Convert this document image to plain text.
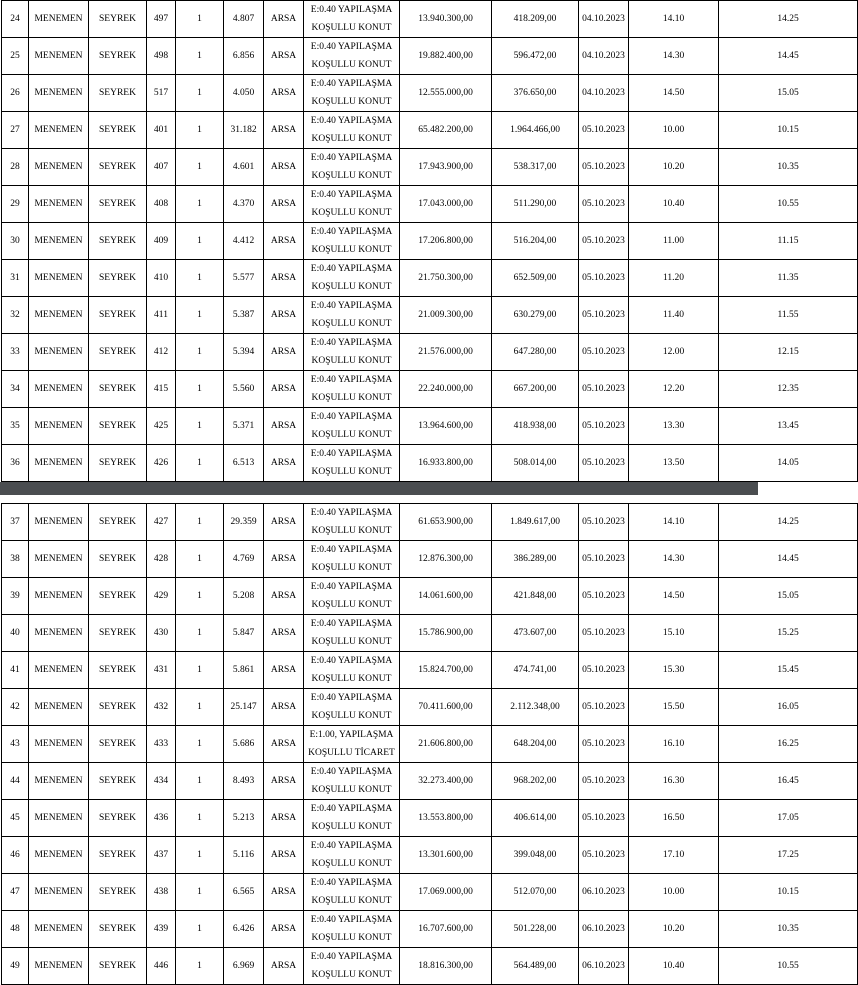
24	MENEMEN	SEYREK	497	1	4.807	ARSA	E:0.40 YAPILAŞMA KOŞULLU KONUT	13.940.300,00	418.209,00	04.10.2023	14.10	14.25
25	MENEMEN	SEYREK	498	1	6.856	ARSA	E:0.40 YAPILAŞMA KOŞULLU KONUT	19.882.400,00	596.472,00	04.10.2023	14.30	14.45
26	MENEMEN	SEYREK	517	1	4.050	ARSA	E:0.40 YAPILAŞMA KOŞULLU KONUT	12.555.000,00	376.650,00	04.10.2023	14.50	15.05
27	MENEMEN	SEYREK	401	1	31.182	ARSA	E:0.40 YAPILAŞMA KOŞULLU KONUT	65.482.200,00	1.964.466,00	05.10.2023	10.00	10.15
28	MENEMEN	SEYREK	407	1	4.601	ARSA	E:0.40 YAPILAŞMA KOŞULLU KONUT	17.943.900,00	538.317,00	05.10.2023	10.20	10.35
29	MENEMEN	SEYREK	408	1	4.370	ARSA	E:0.40 YAPILAŞMA KOŞULLU KONUT	17.043.000,00	511.290,00	05.10.2023	10.40	10.55
30	MENEMEN	SEYREK	409	1	4.412	ARSA	E:0.40 YAPILAŞMA KOŞULLU KONUT	17.206.800,00	516.204,00	05.10.2023	11.00	11.15
31	MENEMEN	SEYREK	410	1	5.577	ARSA	E:0.40 YAPILAŞMA KOŞULLU KONUT	21.750.300,00	652.509,00	05.10.2023	11.20	11.35
32	MENEMEN	SEYREK	411	1	5.387	ARSA	E:0.40 YAPILAŞMA KOŞULLU KONUT	21.009.300,00	630.279,00	05.10.2023	11.40	11.55
33	MENEMEN	SEYREK	412	1	5.394	ARSA	E:0.40 YAPILAŞMA KOŞULLU KONUT	21.576.000,00	647.280,00	05.10.2023	12.00	12.15
34	MENEMEN	SEYREK	415	1	5.560	ARSA	E:0.40 YAPILAŞMA KOŞULLU KONUT	22.240.000,00	667.200,00	05.10.2023	12.20	12.35
35	MENEMEN	SEYREK	425	1	5.371	ARSA	E:0.40 YAPILAŞMA KOŞULLU KONUT	13.964.600,00	418.938,00	05.10.2023	13.30	13.45
36	MENEMEN	SEYREK	426	1	6.513	ARSA	E:0.40 YAPILAŞMA KOŞULLU KONUT	16.933.800,00	508.014,00	05.10.2023	13.50	14.05
37	MENEMEN	SEYREK	427	1	29.359	ARSA	E:0.40 YAPILAŞMA KOŞULLU KONUT	61.653.900,00	1.849.617,00	05.10.2023	14.10	14.25
38	MENEMEN	SEYREK	428	1	4.769	ARSA	E:0.40 YAPILAŞMA KOŞULLU KONUT	12.876.300,00	386.289,00	05.10.2023	14.30	14.45
39	MENEMEN	SEYREK	429	1	5.208	ARSA	E:0.40 YAPILAŞMA KOŞULLU KONUT	14.061.600,00	421.848,00	05.10.2023	14.50	15.05
40	MENEMEN	SEYREK	430	1	5.847	ARSA	E:0.40 YAPILAŞMA KOŞULLU KONUT	15.786.900,00	473.607,00	05.10.2023	15.10	15.25
41	MENEMEN	SEYREK	431	1	5.861	ARSA	E:0.40 YAPILAŞMA KOŞULLU KONUT	15.824.700,00	474.741,00	05.10.2023	15.30	15.45
42	MENEMEN	SEYREK	432	1	25.147	ARSA	E:0.40 YAPILAŞMA KOŞULLU KONUT	70.411.600,00	2.112.348,00	05.10.2023	15.50	16.05
43	MENEMEN	SEYREK	433	1	5.686	ARSA	E:1.00, YAPILAŞMA KOŞULLU TİCARET	21.606.800,00	648.204,00	05.10.2023	16.10	16.25
44	MENEMEN	SEYREK	434	1	8.493	ARSA	E:0.40 YAPILAŞMA KOŞULLU KONUT	32.273.400,00	968.202,00	05.10.2023	16.30	16.45
45	MENEMEN	SEYREK	436	1	5.213	ARSA	E:0.40 YAPILAŞMA KOŞULLU KONUT	13.553.800,00	406.614,00	05.10.2023	16.50	17.05
46	MENEMEN	SEYREK	437	1	5.116	ARSA	E:0.40 YAPILAŞMA KOŞULLU KONUT	13.301.600,00	399.048,00	05.10.2023	17.10	17.25
47	MENEMEN	SEYREK	438	1	6.565	ARSA	E:0.40 YAPILAŞMA KOŞULLU KONUT	17.069.000,00	512.070,00	06.10.2023	10.00	10.15
48	MENEMEN	SEYREK	439	1	6.426	ARSA	E:0.40 YAPILAŞMA KOŞULLU KONUT	16.707.600,00	501.228,00	06.10.2023	10.20	10.35
49	MENEMEN	SEYREK	446	1	6.969	ARSA	E:0.40 YAPILAŞMA KOŞULLU KONUT	18.816.300,00	564.489,00	06.10.2023	10.40	10.55
